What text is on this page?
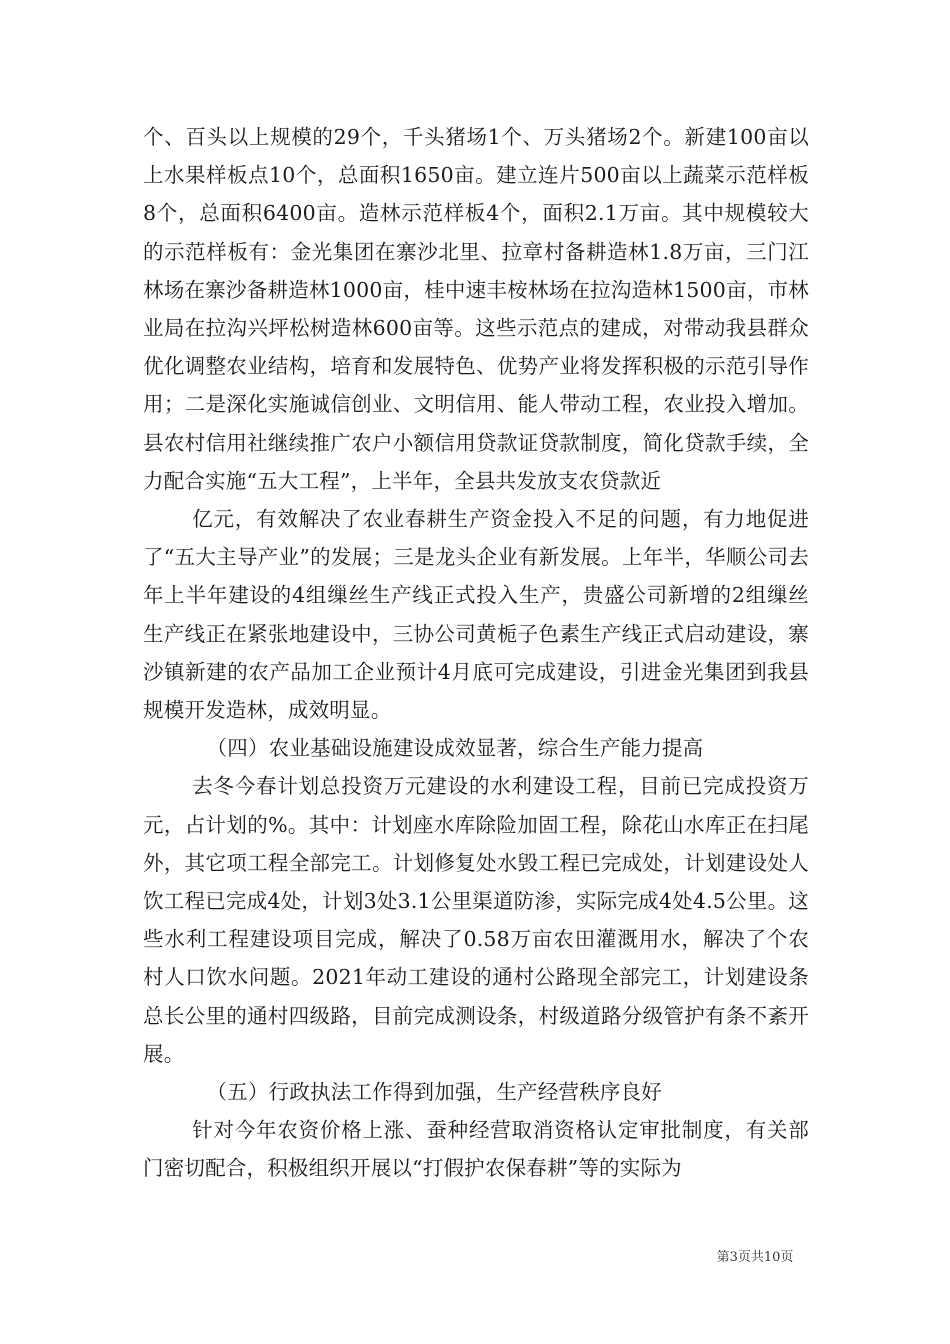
个、百头以上规模的29个，千头猪场1个、万头猪场2个。新建100亩以上水果样板点10个，总面积1650亩。建立连片500亩以上蔬菜示范样板8个，总面积6400亩。造林示范样板4个，面积2.1万亩。其中规模较大的示范样板有：金光集团在寨沙北里、拉章村备耕造林1.8万亩，三门江林场在寨沙备耕造林1000亩，桂中速丰桉林场在拉沟造林1500亩，市林业局在拉沟兴坪松树造林600亩等。这些示范点的建成，对带动我县群众优化调整农业结构，培育和发展特色、优势产业将发挥积极的示范引导作用；二是深化实施诚信创业、文明信用、能人带动工程，农业投入增加。县农村信用社继续推广农户小额信用贷款证贷款制度，简化贷款手续，全力配合实施“五大工程”，上半年，全县共发放支农贷款近

亿元，有效解决了农业春耕生产资金投入不足的问题，有力地促进了“五大主导产业”的发展；三是龙头企业有新发展。上年半，华顺公司去年上半年建设的4组缫丝生产线正式投入生产，贵盛公司新增的2组缫丝生产线正在紧张地建设中，三协公司黄栀子色素生产线正式启动建设，寨沙镇新建的农产品加工企业预计4月底可完成建设，引进金光集团到我县规模开发造林，成效明显。

（四）农业基础设施建设成效显著，综合生产能力提高

去冬今春计划总投资万元建设的水利建设工程，目前已完成投资万元，占计划的%。其中：计划座水库除险加固工程，除花山水库正在扫尾外，其它项工程全部完工。计划修复处水毁工程已完成处，计划建设处人饮工程已完成4处，计划3处3.1公里渠道防渗，实际完成4处4.5公里。这些水利工程建设项目完成，解决了0.58万亩农田灌溉用水，解决了个农村人口饮水问题。2021年动工建设的通村公路现全部完工，计划建设条总长公里的通村四级路，目前完成测设条，村级道路分级管护有条不紊开展。

（五）行政执法工作得到加强，生产经营秩序良好

针对今年农资价格上涨、蚕种经营取消资格认定审批制度，有关部门密切配合，积极组织开展以“打假护农保春耕”等的实际为

第3页共10页
